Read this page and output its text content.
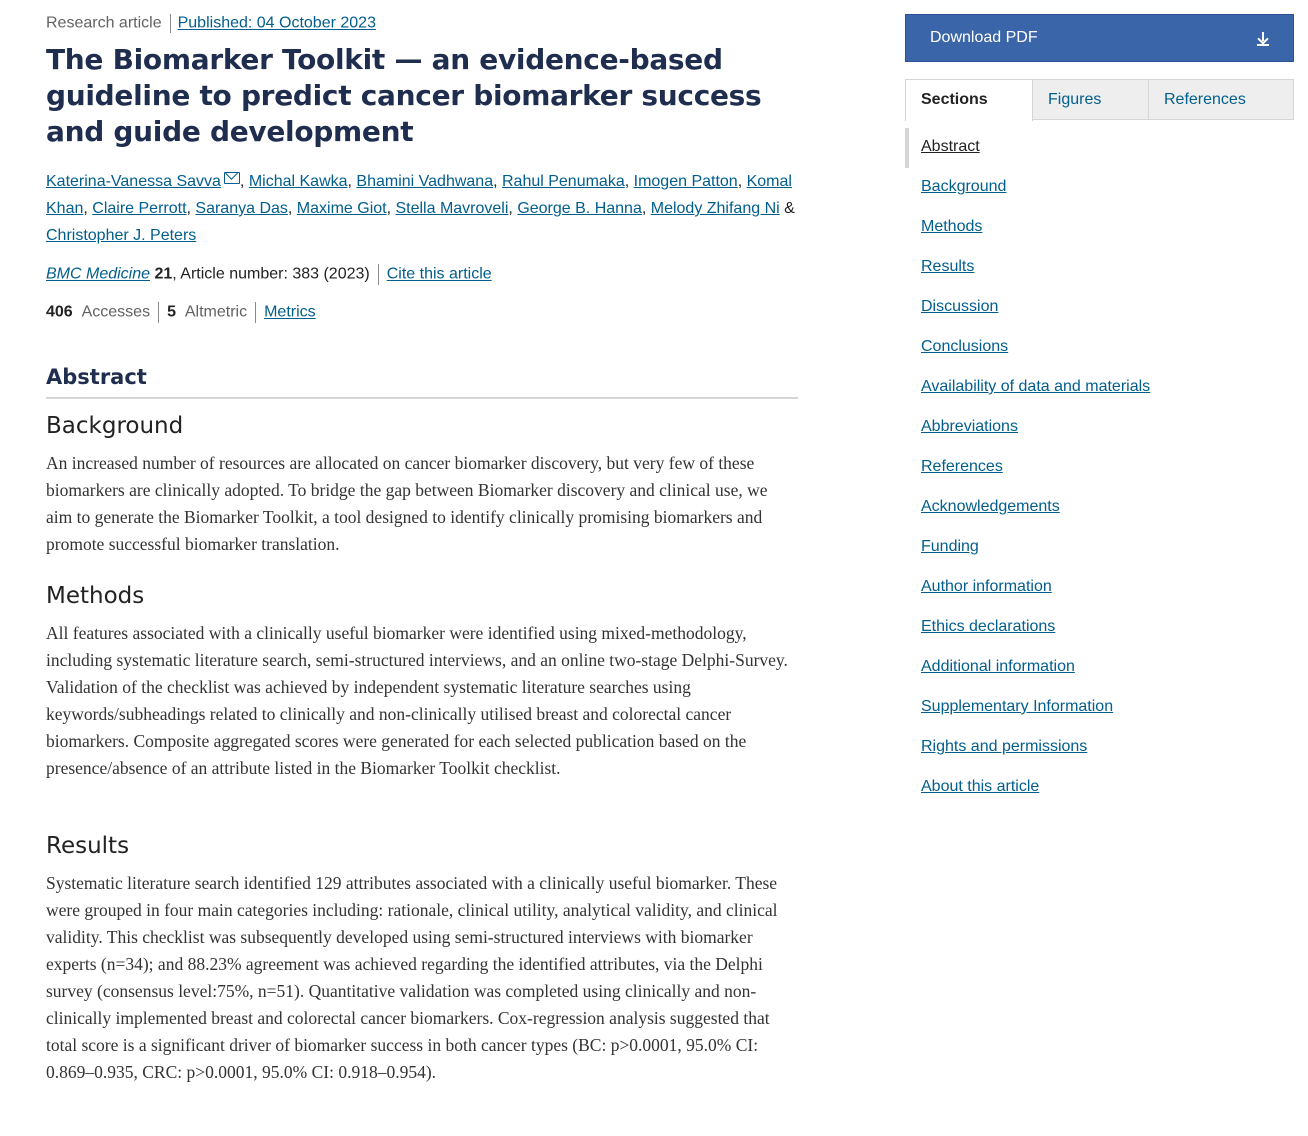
Research article Published: 04 October 2023
The Biomarker Toolkit — an evidence-based guideline to predict cancer biomarker success and guide development
Katerina-Vanessa Savva , Michal Kawka, Bhamini Vadhwana, Rahul Penumaka, Imogen Patton, Komal Khan, Claire Perrott, Saranya Das, Maxime Giot, Stella Mavroveli, George B. Hanna, Melody Zhifang Ni &
Christopher J. Peters
BMC Medicine 21, Article number: 383 (2023) Cite this article
406 Accesses 5 Altmetric Metrics
Abstract
Background

An increased number of resources are allocated on cancer biomarker discovery, but very few of these biomarkers are clinically adopted. To bridge the gap between Biomarker discovery and clinical use, we aim to generate the Biomarker Toolkit, a tool designed to identify clinically promising biomarkers and promote successful biomarker translation.

Methods

All features associated with a clinically useful biomarker were identified using mixed-methodology, including systematic literature search, semi-structured interviews, and an online two-stage Delphi-Survey. Validation of the checklist was achieved by independent systematic literature searches using keywords/subheadings related to clinically and non-clinically utilised breast and colorectal cancer biomarkers. Composite aggregated scores were generated for each selected publication based on the presence/absence of an attribute listed in the Biomarker Toolkit checklist.

Results

Systematic literature search identified 129 attributes associated with a clinically useful biomarker. These were grouped in four main categories including: rationale, clinical utility, analytical validity, and clinical validity. This checklist was subsequently developed using semi-structured interviews with biomarker experts (n=34); and 88.23% agreement was achieved regarding the identified attributes, via the Delphi survey (consensus level:75%, n=51). Quantitative validation was completed using clinically and non-clinically implemented breast and colorectal cancer biomarkers. Cox-regression analysis suggested that total score is a significant driver of biomarker success in both cancer types (BC: p>0.0001, 95.0% CI: 0.869–0.935, CRC: p>0.0001, 95.0% CI: 0.918–0.954).

Download PDF
Sections	Figures	References
Abstract
Background
Methods
Results
Discussion
Conclusions
Availability of data and materials
Abbreviations
References
Acknowledgements
Funding
Author information
Ethics declarations
Additional information
Supplementary Information
Rights and permissions
About this article
